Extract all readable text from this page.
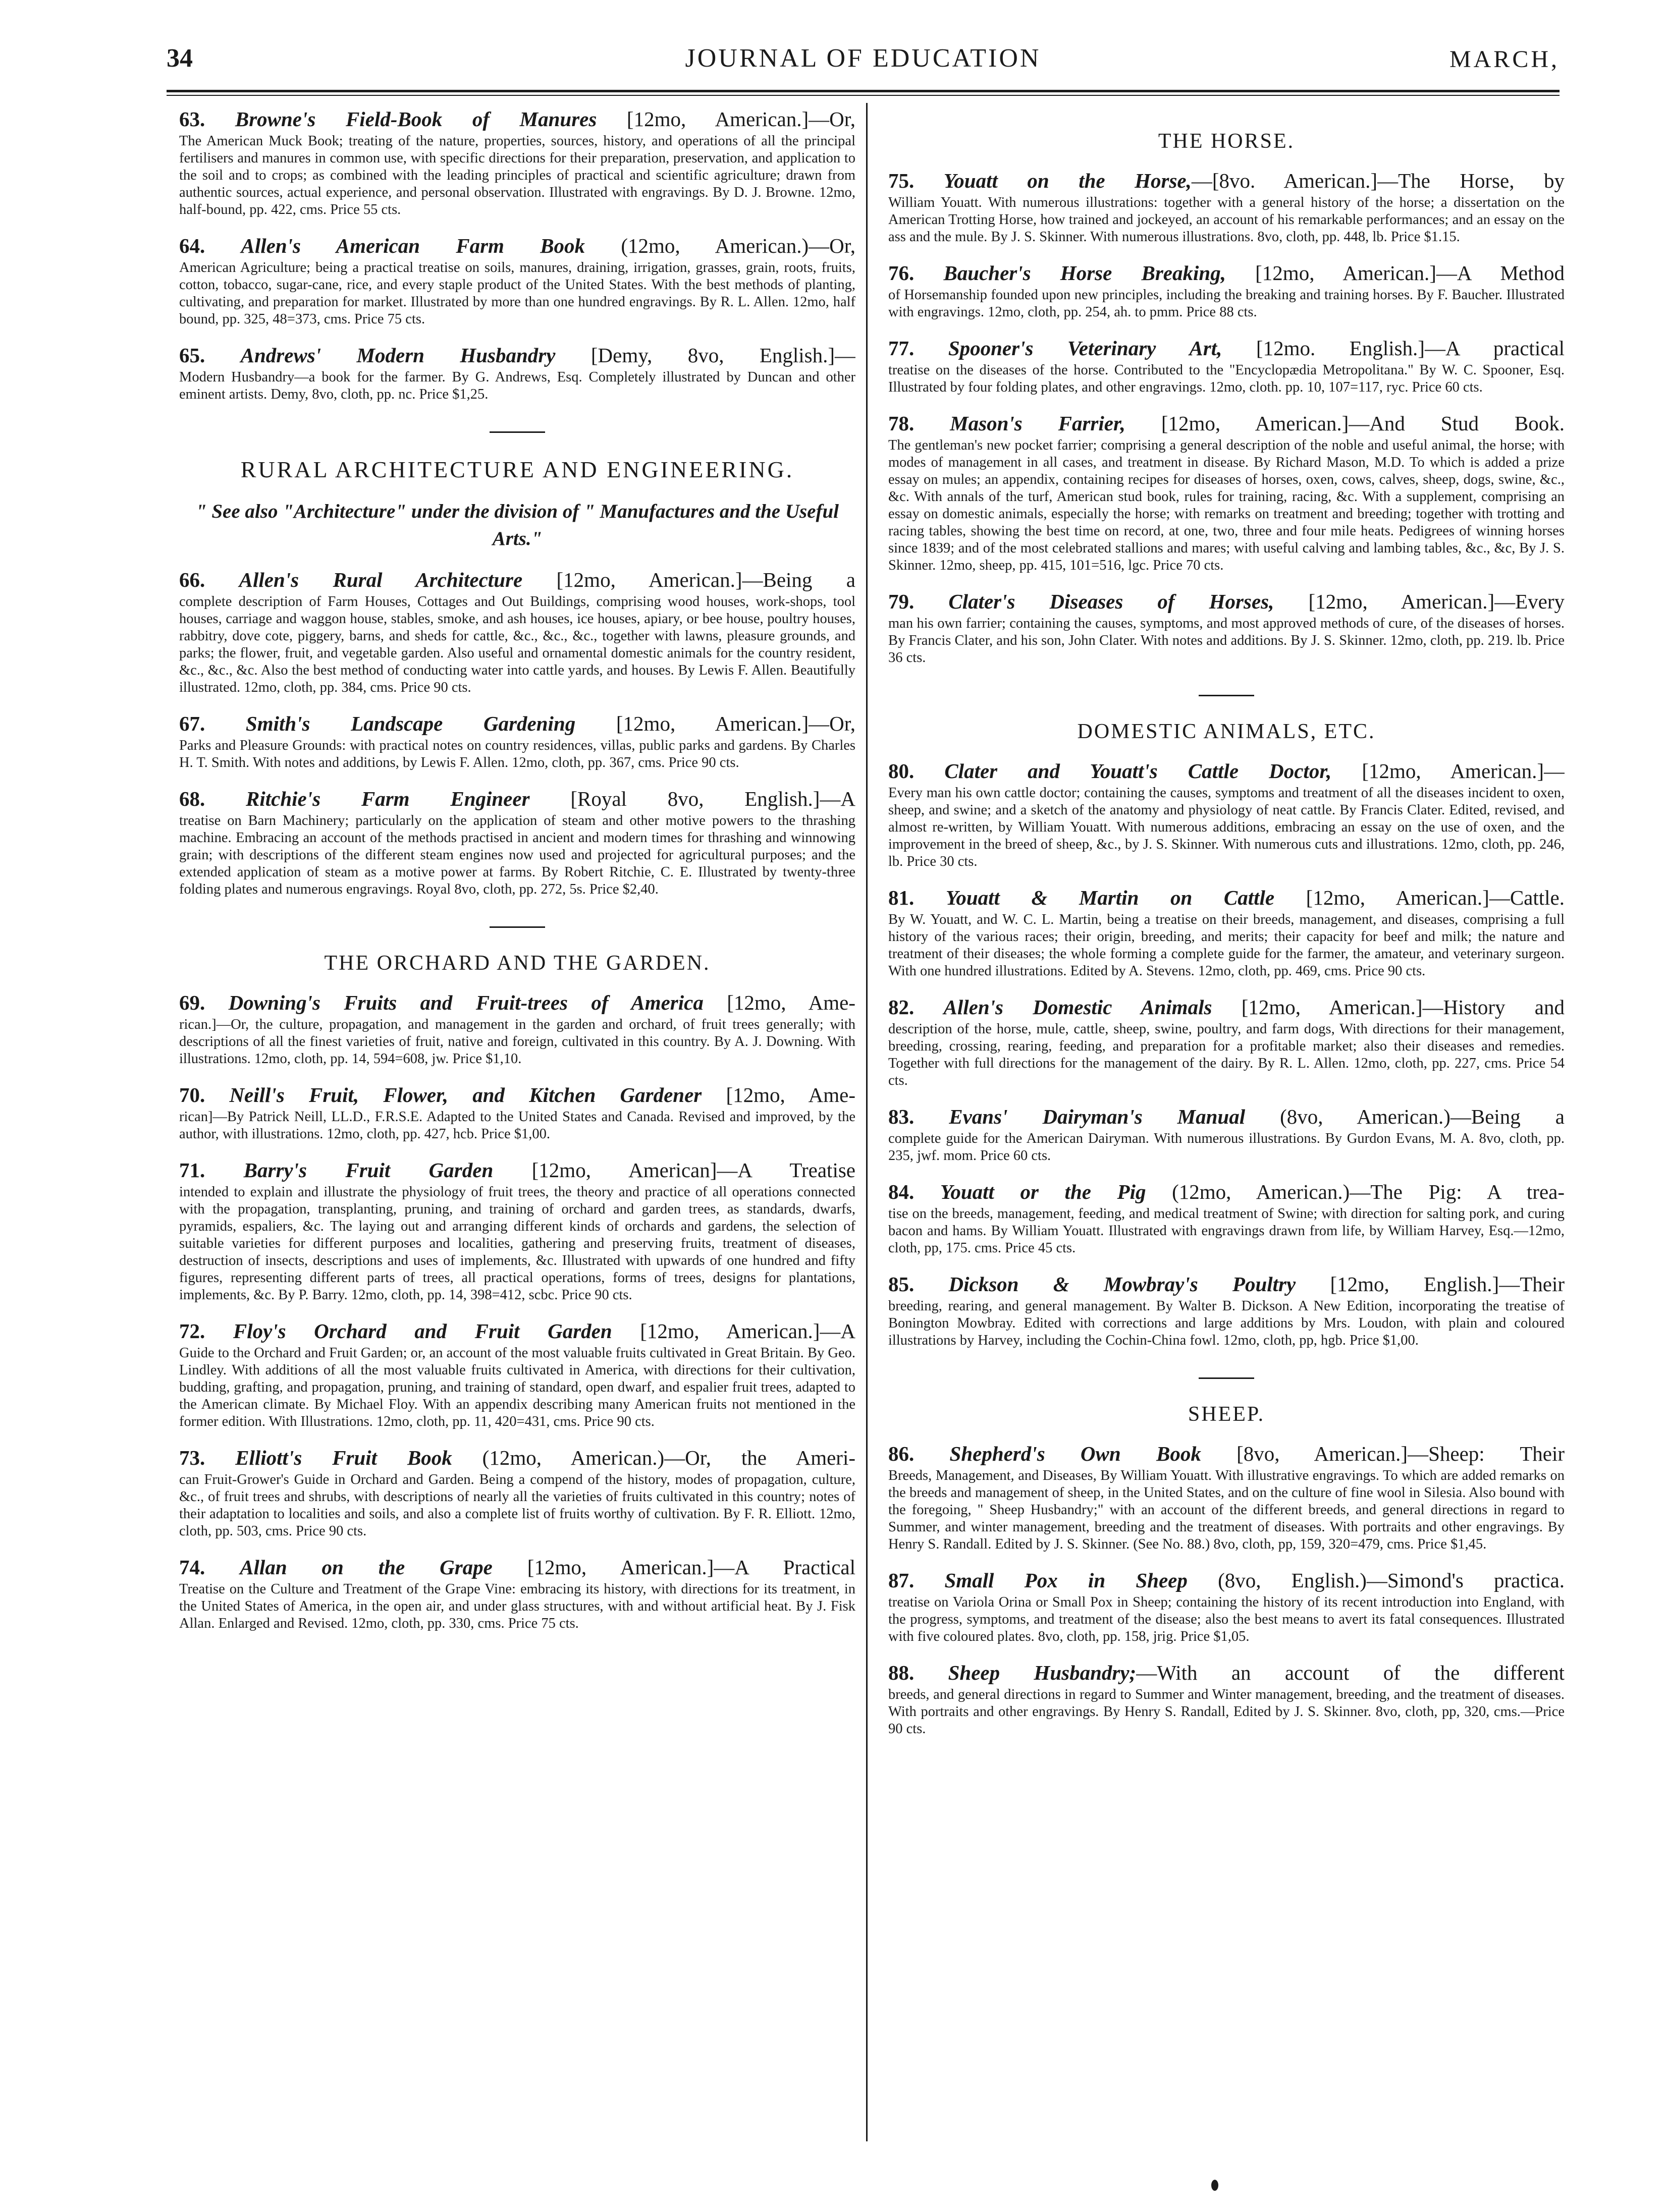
34	JOURNAL OF EDUCATION	MARCH,
63. Browne's Field-Book of Manures [12mo, American.]—Or,
The American Muck Book; treating of the nature, properties, sources, history, and operations of all the principal fertilisers and manures in common use, with specific directions for their preparation, preservation, and application to the soil and to crops; as combined with the leading principles of practical and scientific agriculture; drawn from authentic sources, actual experience, and personal observation. Illustrated with engravings. By D. J. Browne. 12mo, half-bound, pp. 422, cms. Price 55 cts.
64. Allen's American Farm Book (12mo, American.)—Or,
American Agriculture; being a practical treatise on soils, manures, draining, irrigation, grasses, grain, roots, fruits, cotton, tobacco, sugar-cane, rice, and every staple product of the United States. With the best methods of planting, cultivating, and preparation for market. Illustrated by more than one hundred engravings. By R. L. Allen. 12mo, half bound, pp. 325, 48=373, cms. Price 75 cts.
65. Andrews' Modern Husbandry [Demy, 8vo, English.]—
Modern Husbandry—a book for the farmer. By G. Andrews, Esq. Completely illustrated by Duncan and other eminent artists. Demy, 8vo, cloth, pp. nc. Price $1,25.
RURAL ARCHITECTURE AND ENGINEERING.
" See also "Architecture" under the division of " Manufactures and the Useful Arts."
66. Allen's Rural Architecture [12mo, American.]—Being a
complete description of Farm Houses, Cottages and Out Buildings, comprising wood houses, work-shops, tool houses, carriage and waggon house, stables, smoke, and ash houses, ice houses, apiary, or bee house, poultry houses, rabbitry, dove cote, piggery, barns, and sheds for cattle, &c., &c., &c., together with lawns, pleasure grounds, and parks; the flower, fruit, and vegetable garden. Also useful and ornamental domestic animals for the country resident, &c., &c., &c. Also the best method of conducting water into cattle yards, and houses. By Lewis F. Allen. Beautifully illustrated. 12mo, cloth, pp. 384, cms. Price 90 cts.
67. Smith's Landscape Gardening [12mo, American.]—Or,
Parks and Pleasure Grounds: with practical notes on country residences, villas, public parks and gardens. By Charles H. T. Smith. With notes and additions, by Lewis F. Allen. 12mo, cloth, pp. 367, cms. Price 90 cts.
68. Ritchie's Farm Engineer [Royal 8vo, English.]—A
treatise on Barn Machinery; particularly on the application of steam and other motive powers to the thrashing machine. Embracing an account of the methods practised in ancient and modern times for thrashing and winnowing grain; with descriptions of the different steam engines now used and projected for agricultural purposes; and the extended application of steam as a motive power at farms. By Robert Ritchie, C. E. Illustrated by twenty-three folding plates and numerous engravings. Royal 8vo, cloth, pp. 272, 5s. Price $2,40.
THE ORCHARD AND THE GARDEN.
69. Downing's Fruits and Fruit-trees of America [12mo, Ame-
rican.]—Or, the culture, propagation, and management in the garden and orchard, of fruit trees generally; with descriptions of all the finest varieties of fruit, native and foreign, cultivated in this country. By A. J. Downing. With illustrations. 12mo, cloth, pp. 14, 594=608, jw. Price $1,10.
70. Neill's Fruit, Flower, and Kitchen Gardener [12mo, Ame-
rican]—By Patrick Neill, LL.D., F.R.S.E. Adapted to the United States and Canada. Revised and improved, by the author, with illustrations. 12mo, cloth, pp. 427, hcb. Price $1,00.
71. Barry's Fruit Garden [12mo, American]—A Treatise
intended to explain and illustrate the physiology of fruit trees, the theory and practice of all operations connected with the propagation, transplanting, pruning, and training of orchard and garden trees, as standards, dwarfs, pyramids, espaliers, &c. The laying out and arranging different kinds of orchards and gardens, the selection of suitable varieties for different purposes and localities, gathering and preserving fruits, treatment of diseases, destruction of insects, descriptions and uses of implements, &c. Illustrated with upwards of one hundred and fifty figures, representing different parts of trees, all practical operations, forms of trees, designs for plantations, implements, &c. By P. Barry. 12mo, cloth, pp. 14, 398=412, scbc. Price 90 cts.
72. Floy's Orchard and Fruit Garden [12mo, American.]—A
Guide to the Orchard and Fruit Garden; or, an account of the most valuable fruits cultivated in Great Britain. By Geo. Lindley. With additions of all the most valuable fruits cultivated in America, with directions for their cultivation, budding, grafting, and propagation, pruning, and training of standard, open dwarf, and espalier fruit trees, adapted to the American climate. By Michael Floy. With an appendix describing many American fruits not mentioned in the former edition. With Illustrations. 12mo, cloth, pp. 11, 420=431, cms. Price 90 cts.
73. Elliott's Fruit Book (12mo, American.)—Or, the Ameri-
can Fruit-Grower's Guide in Orchard and Garden. Being a compend of the history, modes of propagation, culture, &c., of fruit trees and shrubs, with descriptions of nearly all the varieties of fruits cultivated in this country; notes of their adaptation to localities and soils, and also a complete list of fruits worthy of cultivation. By F. R. Elliott. 12mo, cloth, pp. 503, cms. Price 90 cts.
74. Allan on the Grape [12mo, American.]—A Practical
Treatise on the Culture and Treatment of the Grape Vine: embracing its history, with directions for its treatment, in the United States of America, in the open air, and under glass structures, with and without artificial heat. By J. Fisk Allan. Enlarged and Revised. 12mo, cloth, pp. 330, cms. Price 75 cts.
THE HORSE.
75. Youatt on the Horse,—[8vo. American.]—The Horse, by
William Youatt. With numerous illustrations: together with a general history of the horse; a dissertation on the American Trotting Horse, how trained and jockeyed, an account of his remarkable performances; and an essay on the ass and the mule. By J. S. Skinner. With numerous illustrations. 8vo, cloth, pp. 448, lb. Price $1.15.
76. Baucher's Horse Breaking, [12mo, American.]—A Method
of Horsemanship founded upon new principles, including the breaking and training horses. By F. Baucher. Illustrated with engravings. 12mo, cloth, pp. 254, ah. to pmm. Price 88 cts.
77. Spooner's Veterinary Art, [12mo. English.]—A practical
treatise on the diseases of the horse. Contributed to the "Encyclopædia Metropolitana." By W. C. Spooner, Esq. Illustrated by four folding plates, and other engravings. 12mo, cloth. pp. 10, 107=117, ryc. Price 60 cts.
78. Mason's Farrier, [12mo, American.]—And Stud Book.
The gentleman's new pocket farrier; comprising a general description of the noble and useful animal, the horse; with modes of management in all cases, and treatment in disease. By Richard Mason, M.D. To which is added a prize essay on mules; an appendix, containing recipes for diseases of horses, oxen, cows, calves, sheep, dogs, swine, &c., &c. With annals of the turf, American stud book, rules for training, racing, &c. With a supplement, comprising an essay on domestic animals, especially the horse; with remarks on treatment and breeding; together with trotting and racing tables, showing the best time on record, at one, two, three and four mile heats. Pedigrees of winning horses since 1839; and of the most celebrated stallions and mares; with useful calving and lambing tables, &c., &c, By J. S. Skinner. 12mo, sheep, pp. 415, 101=516, lgc. Price 70 cts.
79. Clater's Diseases of Horses, [12mo, American.]—Every
man his own farrier; containing the causes, symptoms, and most approved methods of cure, of the diseases of horses. By Francis Clater, and his son, John Clater. With notes and additions. By J. S. Skinner. 12mo, cloth, pp. 219. lb. Price 36 cts.
DOMESTIC ANIMALS, ETC.
80. Clater and Youatt's Cattle Doctor, [12mo, American.]—
Every man his own cattle doctor; containing the causes, symptoms and treatment of all the diseases incident to oxen, sheep, and swine; and a sketch of the anatomy and physiology of neat cattle. By Francis Clater. Edited, revised, and almost re-written, by William Youatt. With numerous additions, embracing an essay on the use of oxen, and the improvement in the breed of sheep, &c., by J. S. Skinner. With numerous cuts and illustrations. 12mo, cloth, pp. 246, lb. Price 30 cts.
81. Youatt & Martin on Cattle [12mo, American.]—Cattle.
By W. Youatt, and W. C. L. Martin, being a treatise on their breeds, management, and diseases, comprising a full history of the various races; their origin, breeding, and merits; their capacity for beef and milk; the nature and treatment of their diseases; the whole forming a complete guide for the farmer, the amateur, and veterinary surgeon. With one hundred illustrations. Edited by A. Stevens. 12mo, cloth, pp. 469, cms. Price 90 cts.
82. Allen's Domestic Animals [12mo, American.]—History and
description of the horse, mule, cattle, sheep, swine, poultry, and farm dogs, With directions for their management, breeding, crossing, rearing, feeding, and preparation for a profitable market; also their diseases and remedies. Together with full directions for the management of the dairy. By R. L. Allen. 12mo, cloth, pp. 227, cms. Price 54 cts.
83. Evans' Dairyman's Manual (8vo, American.)—Being a
complete guide for the American Dairyman. With numerous illustrations. By Gurdon Evans, M. A. 8vo, cloth, pp. 235, jwf. mom. Price 60 cts.
84. Youatt or the Pig (12mo, American.)—The Pig: A trea-
tise on the breeds, management, feeding, and medical treatment of Swine; with direction for salting pork, and curing bacon and hams. By William Youatt. Illustrated with engravings drawn from life, by William Harvey, Esq.—12mo, cloth, pp, 175. cms. Price 45 cts.
85. Dickson & Mowbray's Poultry [12mo, English.]—Their
breeding, rearing, and general management. By Walter B. Dickson. A New Edition, incorporating the treatise of Bonington Mowbray. Edited with corrections and large additions by Mrs. Loudon, with plain and coloured illustrations by Harvey, including the Cochin-China fowl. 12mo, cloth, pp, hgb. Price $1,00.
SHEEP.
86. Shepherd's Own Book [8vo, American.]—Sheep: Their
Breeds, Management, and Diseases, By William Youatt. With illustrative engravings. To which are added remarks on the breeds and management of sheep, in the United States, and on the culture of fine wool in Silesia. Also bound with the foregoing, " Sheep Husbandry;" with an account of the different breeds, and general directions in regard to Summer, and winter management, breeding and the treatment of diseases. With portraits and other engravings. By Henry S. Randall. Edited by J. S. Skinner. (See No. 88.) 8vo, cloth, pp, 159, 320=479, cms. Price $1,45.
87. Small Pox in Sheep (8vo, English.)—Simond's practica.
treatise on Variola Orina or Small Pox in Sheep; containing the history of its recent introduction into England, with the progress, symptoms, and treatment of the disease; also the best means to avert its fatal consequences. Illustrated with five coloured plates. 8vo, cloth, pp. 158, jrig. Price $1,05.
88. Sheep Husbandry;—With an account of the different
breeds, and general directions in regard to Summer and Winter management, breeding, and the treatment of diseases. With portraits and other engravings. By Henry S. Randall, Edited by J. S. Skinner. 8vo, cloth, pp, 320, cms.—Price 90 cts.
